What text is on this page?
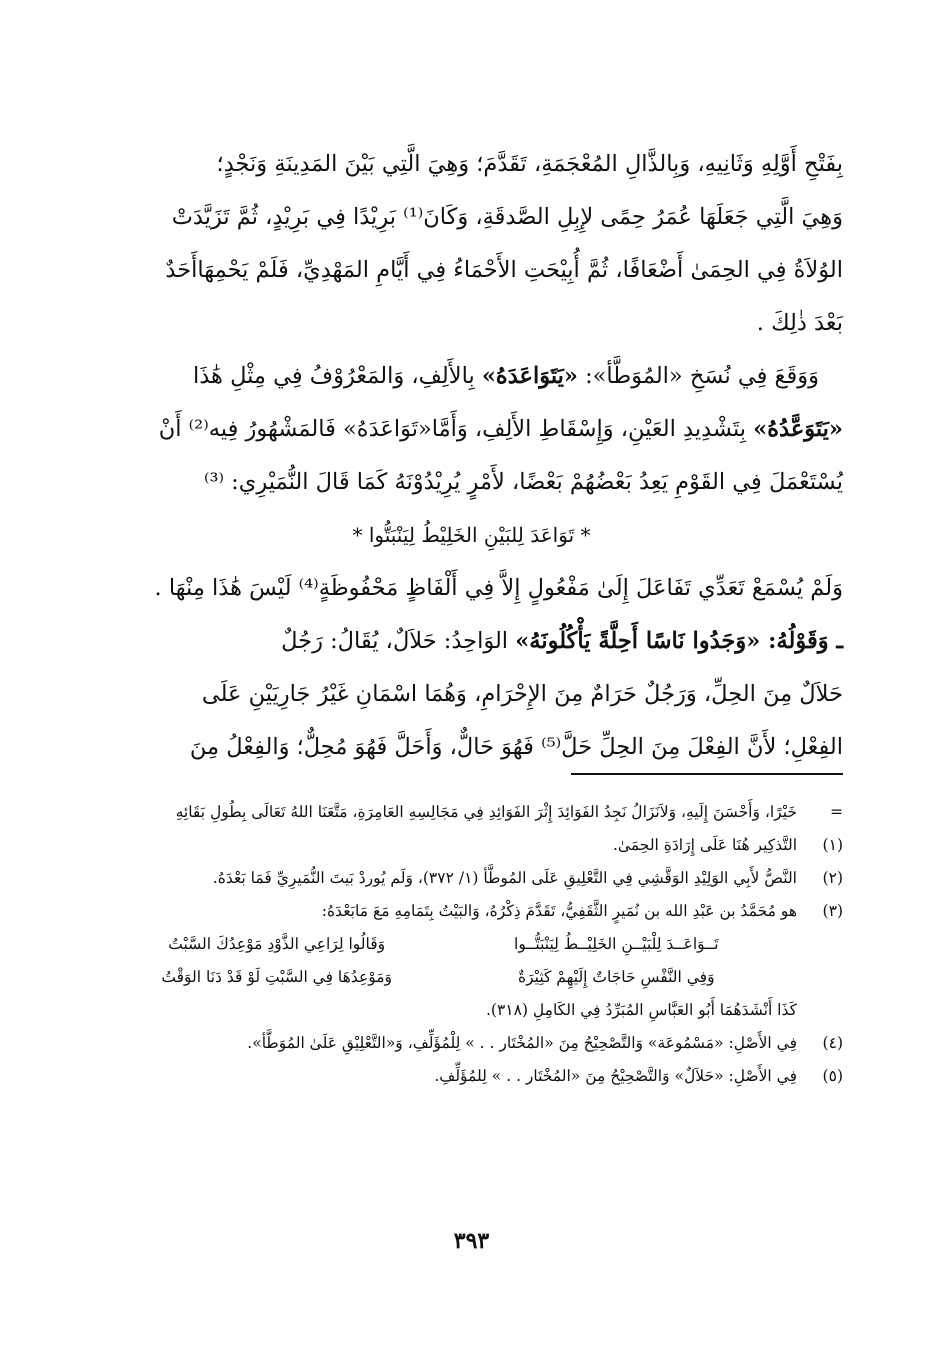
بِفَتْحِ أَوَّلِهِ وَثَانِيهِ، وَبِالذَّالِ المُعْجَمَةِ، تَقَدَّمَ؛ وَهِيَ الَّتِي بَيْنَ المَدِينَةِ وَنَجْدٍ؛

وَهِيَ الَّتِي جَعَلَهَا عُمَرُ حِمًى لإِبِلِ الصَّدقَةِ، وَكَانَ⁽¹⁾ بَرِيْدًا فِي بَرِيْدٍ، ثُمَّ تَزَيَّدَتْ

الوُلاَةُ فِي الحِمَىٰ أَضْعَافًا، ثُمَّ أُبِيْحَتِ الأَحْمَاءُ فِي أَيَّامِ المَهْدِيِّ، فَلَمْ يَحْمِهَاأَحَدٌ

بَعْدَ ذٰلِكَ .

وَوَقَعَ فِي نُسَخِ «المُوَطَّأ»: «يَتَوَاعَدَهُ» بِالأَلِفِ، وَالمَعْرُوْفُ فِي مِثْلِ هَٰذَا

«يَتَوَعَّدُهُ» بِتَشْدِيدِ العَيْنِ، وَإِسْقَاطِ الأَلِفِ، وَأَمَّا«تَوَاعَدَهُ» فَالمَشْهُورُ فِيه⁽²⁾ أَنْ

يُسْتَعْمَلَ فِي القَوْمِ يَعِدُ بَعْضُهُمْ بَعْضًا، لأَمْرٍ يُرِيْدُوْنَهُ كَمَا قَالَ النُّمَيْرِي: ⁽³⁾

* تَوَاعَدَ لِلبَيْنِ الخَلِيْطُ لِيَنْبَتُّوا *

وَلَمْ يُسْمَعْ تَعَدِّي تَفَاعَلَ إِلَىٰ مَفْعُولٍ إِلاَّ فِي أَلْفَاظٍ مَحْفُوظَةٍ⁽⁴⁾ لَيْسَ هَٰذَا مِنْهَا .

ـ وَقَوْلُهُ: «وَجَدُوا نَاسًا أَحِلَّةً يَأْكُلُونَهُ» الوَاحِدُ: حَلاَلٌ، يُقَالُ: رَجُلٌ

حَلاَلٌ مِنَ الحِلِّ، وَرَجُلٌ حَرَامٌ مِنَ الإِحْرَامِ، وَهُمَا اسْمَانِ غَيْرُ جَارِيَيْنِ عَلَى

الفِعْلِ؛ لأَنَّ الفِعْلَ مِنَ الحِلِّ حَلَّ⁽⁵⁾ فَهُوَ حَالٌّ، وَأَحَلَّ فَهُوَ مُحِلٌّ؛ وَالفِعْلُ مِنَ

=
خَيْرًا، وَأَحْسَنَ إِلَيهِ، وَلاَنَزَالُ نَجِدُ الفَوَائِدَ إِثْرَ الفَوَائِدِ فِي مَجَالِسِهِ العَامِرَةِ، مَتَّعَنَا اللهُ تَعَالَى بِطُولِ بَقَائِهِ
(١)
التَّذكِير هُنَا عَلَى إِرَادَةِ الحِمَىٰ.
(٢)
النَّصُّ لأَبِي الوَلِيْدِ الوَقَّشِي فِي التَّعْلِيقِ عَلَى المُوطَّأ (١/ ٣٧٢)، وَلَم يُوردْ بَيتَ النُّمَيرِيِّ فَمَا بَعْدَهُ.
(٣)
هو مُحَمَّدُ بن عَبْدِ الله بن نُمَيرٍ الثَّقَفِيُّ، تَقَدَّمَ ذِكْرُهُ، وَالبَيْتُ بِتَمَامِهِ مَعَ مَابَعْدَهُ:
تَــوَاعَــدَ لِلْبَيْــنِ الخَلِيْــطُ لِيَنْبَتُّــوا
وَقَالُوا لِرَاعِي الذَّوْدِ مَوْعِدُكَ السَّبْتُ
وَفِي النَّفْسِ حَاجَاتٌ إِلَيْهِمْ كَثِيْرَةٌ
وَمَوْعِدُهَا فِي السَّبْتِ لَوْ قَدْ دَنَا الوَقْتُ
كَذَا أَنْشَدَهُمَا أَبُو العَبَّاسِ المُبَرِّدُ فِي الكَامِلِ (٣١٨).
(٤)
فِي الأَصْلِ: «مَسْمُوعَة» وَالتَّصْحِيْحُ مِنَ «المُخْتَار . . » لِلْمُؤَلِّفِ، وَ«التَّعْلِيْقِ عَلَىٰ المُوَطَّأ».
(٥)
فِي الأَصْلِ: «حَلاَلٌ» وَالتَّصْحِيْحُ مِنَ «المُخْتَار . . » لِلمُؤَلِّفِ.
٣٩٣
